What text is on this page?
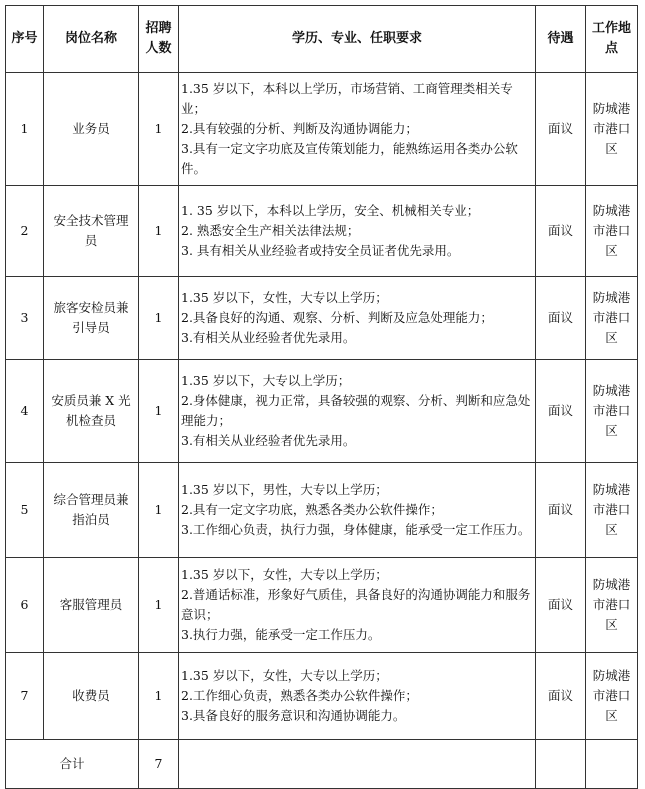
序号	岗位名称	招聘人数	学历、专业、任职要求	待遇	工作地点
1	业务员	1	1.35 岁以下，本科以上学历，市场营销、工商管理类相关专业；
2.具有较强的分析、判断及沟通协调能力；
3.具有一定文字功底及宣传策划能力，能熟练运用各类办公软件。	面议	防城港市港口区
2	安全技术管理员	1	1. 35 岁以下，本科以上学历，安全、机械相关专业；
2. 熟悉安全生产相关法律法规；
3. 具有相关从业经验者或持安全员证者优先录用。	面议	防城港市港口区
3	旅客安检员兼引导员	1	1.35 岁以下，女性，大专以上学历；
2.具备良好的沟通、观察、分析、判断及应急处理能力；
3.有相关从业经验者优先录用。	面议	防城港市港口区
4	安质员兼 X 光机检查员	1	1.35 岁以下，大专以上学历；
2.身体健康，视力正常，具备较强的观察、分析、判断和应急处理能力；
3.有相关从业经验者优先录用。	面议	防城港市港口区
5	综合管理员兼指泊员	1	1.35 岁以下，男性，大专以上学历；
2.具有一定文字功底，熟悉各类办公软件操作；
3.工作细心负责，执行力强，身体健康，能承受一定工作压力。	面议	防城港市港口区
6	客服管理员	1	1.35 岁以下，女性，大专以上学历；
2.普通话标准，形象好气质佳，具备良好的沟通协调能力和服务意识；
3.执行力强，能承受一定工作压力。	面议	防城港市港口区
7	收费员	1	1.35 岁以下，女性，大专以上学历；
2.工作细心负责，熟悉各类办公软件操作；
3.具备良好的服务意识和沟通协调能力。	面议	防城港市港口区
合计		7			
